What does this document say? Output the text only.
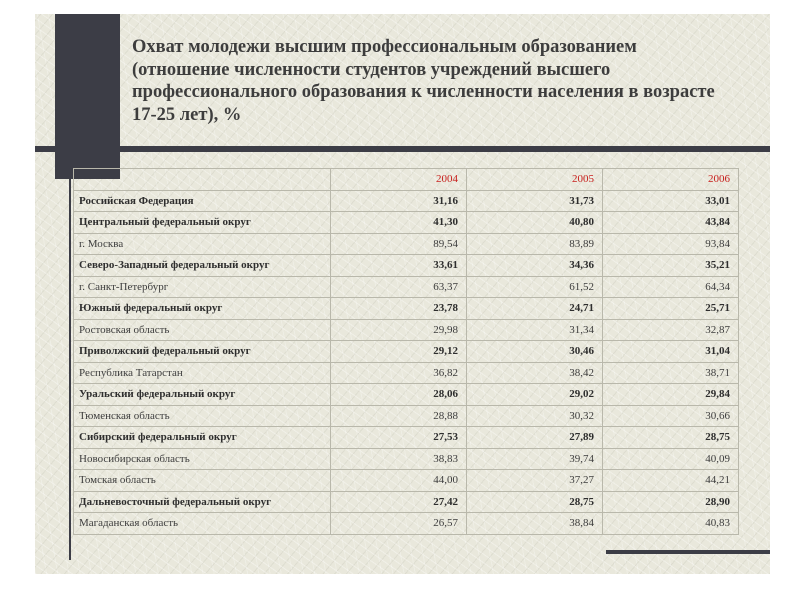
Охват молодежи высшим профессиональным образованием (отношение численности студентов учреждений высшего профессионального образования к численности населения в возрасте 17-25 лет), %
	2004	2005	2006
Российская Федерация	31,16	31,73	33,01
Центральный федеральный округ	41,30	40,80	43,84
г. Москва	89,54	83,89	93,84
Северо-Западный федеральный округ	33,61	34,36	35,21
г. Санкт-Петербург	63,37	61,52	64,34
Южный федеральный округ	23,78	24,71	25,71
Ростовская область	29,98	31,34	32,87
Приволжский федеральный округ	29,12	30,46	31,04
Республика Татарстан	36,82	38,42	38,71
Уральский федеральный округ	28,06	29,02	29,84
Тюменская область	28,88	30,32	30,66
Сибирский федеральный округ	27,53	27,89	28,75
Новосибирская область	38,83	39,74	40,09
Томская область	44,00	37,27	44,21
Дальневосточный федеральный округ	27,42	28,75	28,90
Магаданская область	26,57	38,84	40,83
